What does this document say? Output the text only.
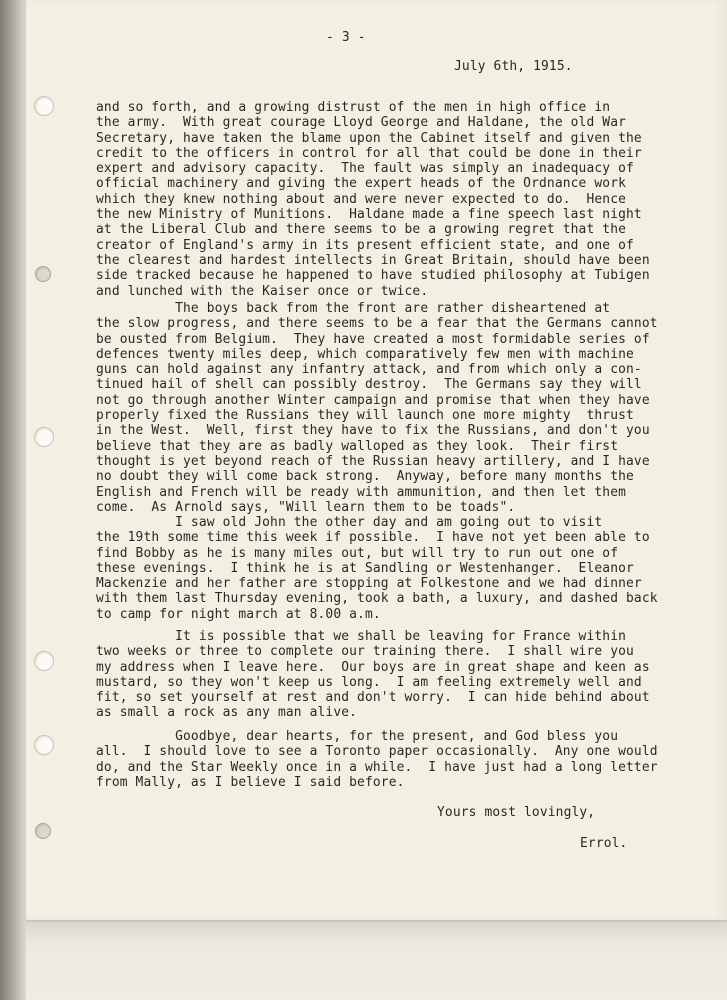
- 3 -
July 6th, 1915.
and so forth, and a growing distrust of the men in high office in
the army.  With great courage Lloyd George and Haldane, the old War
Secretary, have taken the blame upon the Cabinet itself and given the
credit to the officers in control for all that could be done in their
expert and advisory capacity.  The fault was simply an inadequacy of
official machinery and giving the expert heads of the Ordnance work
which they knew nothing about and were never expected to do.  Hence
the new Ministry of Munitions.  Haldane made a fine speech last night
at the Liberal Club and there seems to be a growing regret that the
creator of England's army in its present efficient state, and one of
the clearest and hardest intellects in Great Britain, should have been
side tracked because he happened to have studied philosophy at Tubigen
and lunched with the Kaiser once or twice.
The boys back from the front are rather disheartened at
the slow progress, and there seems to be a fear that the Germans cannot
be ousted from Belgium.  They have created a most formidable series of
defences twenty miles deep, which comparatively few men with machine
guns can hold against any infantry attack, and from which only a con-
tinued hail of shell can possibly destroy.  The Germans say they will
not go through another Winter campaign and promise that when they have
properly fixed the Russians they will launch one more mighty  thrust
in the West.  Well, first they have to fix the Russians, and don't you
believe that they are as badly walloped as they look.  Their first
thought is yet beyond reach of the Russian heavy artillery, and I have
no doubt they will come back strong.  Anyway, before many months the
English and French will be ready with ammunition, and then let them
come.  As Arnold says, "Will learn them to be toads".
I saw old John the other day and am going out to visit
the 19th some time this week if possible.  I have not yet been able to
find Bobby as he is many miles out, but will try to run out one of
these evenings.  I think he is at Sandling or Westenhanger.  Eleanor
Mackenzie and her father are stopping at Folkestone and we had dinner
with them last Thursday evening, took a bath, a luxury, and dashed back
to camp for night march at 8.00 a.m.
It is possible that we shall be leaving for France within
two weeks or three to complete our training there.  I shall wire you
my address when I leave here.  Our boys are in great shape and keen as
mustard, so they won't keep us long.  I am feeling extremely well and
fit, so set yourself at rest and don't worry.  I can hide behind about
as small a rock as any man alive.
Goodbye, dear hearts, for the present, and God bless you
all.  I should love to see a Toronto paper occasionally.  Any one would
do, and the Star Weekly once in a while.  I have just had a long letter
from Mally, as I believe I said before.
Yours most lovingly,
Errol.
